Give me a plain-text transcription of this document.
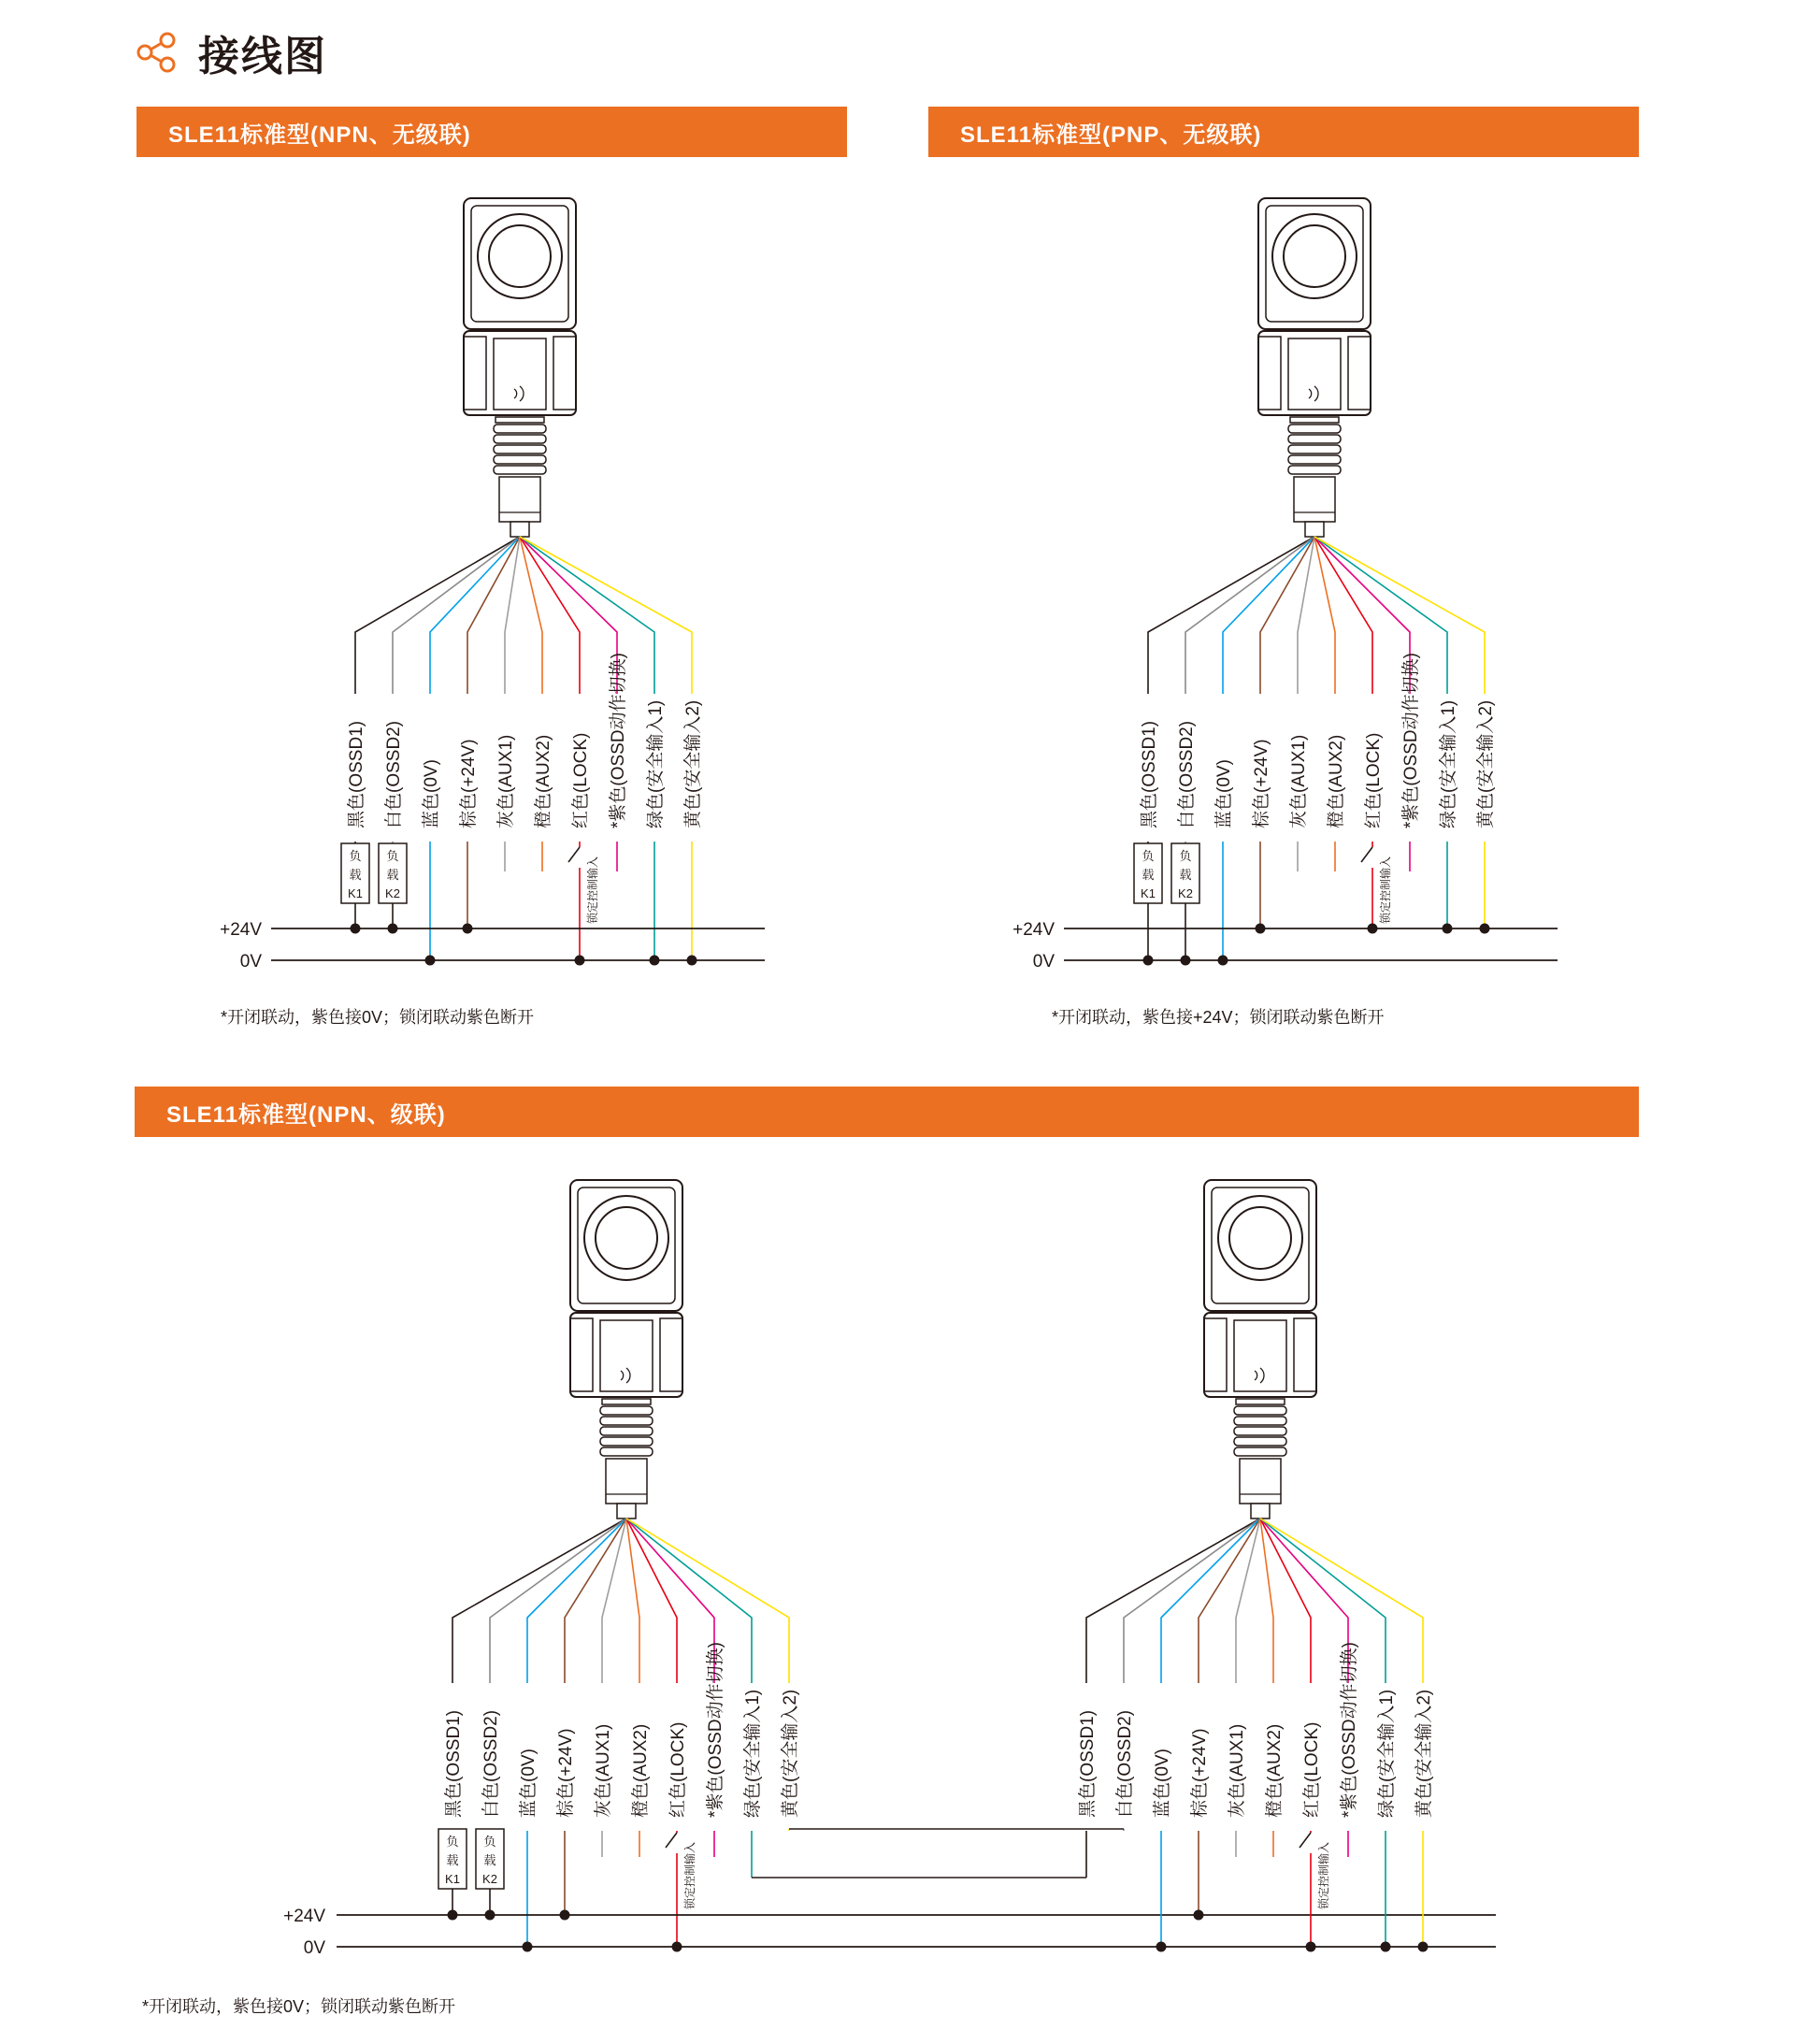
接线图
SLE11标准型(NPN、无级联)	SLE11标准型(PNP、无级联)
SLE11标准型(NPN、级联)
黑色(OSSD1)
负
载
K1
白色(OSSD2)
负
载
K2
蓝色(0V) 棕色(+24V) 灰色(AUX1) 橙色(AUX2) 红色(LOCK)
锁定控制输入
*紫色(OSSD动作切换) 绿色(安全输入1) 黄色(安全输入2)
+24V
0V
黑色(OSSD1)
负
载
K1
白色(OSSD2)
负
载
K2
蓝色(0V) 棕色(+24V) 灰色(AUX1) 橙色(AUX2) 红色(LOCK)
锁定控制输入
*紫色(OSSD动作切换) 绿色(安全输入1) 黄色(安全输入2)
+24V
0V
黑色(OSSD1)
负
载
K1
白色(OSSD2)
负
载
K2
蓝色(0V) 棕色(+24V) 灰色(AUX1) 橙色(AUX2) 红色(LOCK)
锁定控制输入
*紫色(OSSD动作切换) 绿色(安全输入1) 黄色(安全输入2)
+24V
0V
黑色(OSSD1) 白色(OSSD2) 蓝色(0V) 棕色(+24V) 灰色(AUX1) 橙色(AUX2) 红色(LOCK)
锁定控制输入
*紫色(OSSD动作切换) 绿色(安全输入1) 黄色(安全输入2)
*开闭联动，紫色接0V；锁闭联动紫色断开	*开闭联动，紫色接+24V；锁闭联动紫色断开
*开闭联动，紫色接0V；锁闭联动紫色断开
